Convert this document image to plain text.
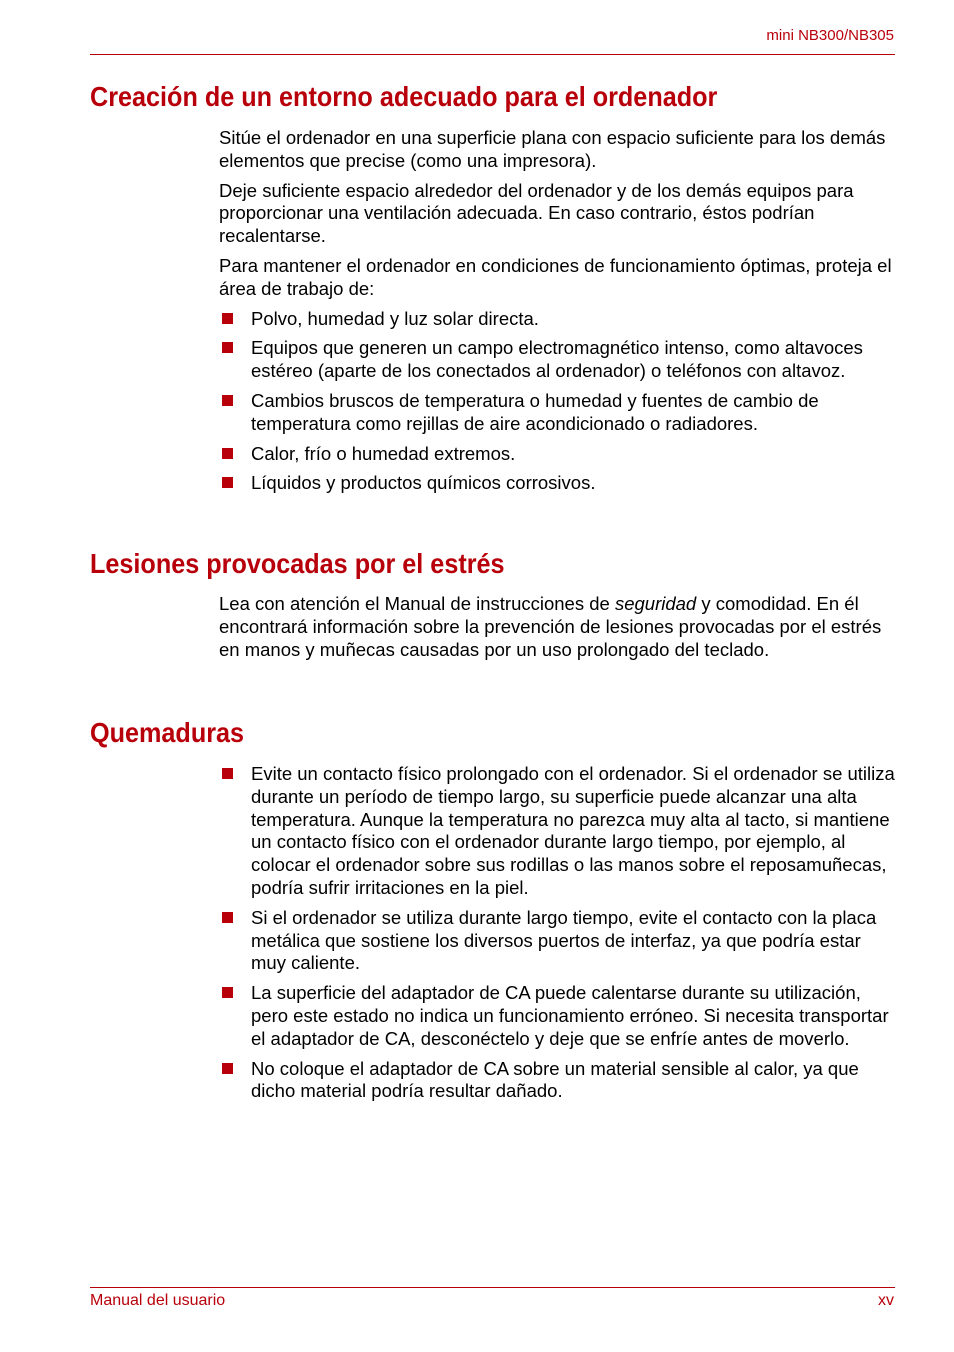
mini NB300/NB305
Creación de un entorno adecuado para el ordenador

Sitúe el ordenador en una superficie plana con espacio suficiente para los demás elementos que precise (como una impresora).

Deje suficiente espacio alrededor del ordenador y de los demás equipos para proporcionar una ventilación adecuada. En caso contrario, éstos podrían recalentarse.

Para mantener el ordenador en condiciones de funcionamiento óptimas, proteja el área de trabajo de:

Polvo, humedad y luz solar directa.
Equipos que generen un campo electromagnético intenso, como altavoces estéreo (aparte de los conectados al ordenador) o teléfonos con altavoz.
Cambios bruscos de temperatura o humedad y fuentes de cambio de temperatura como rejillas de aire acondicionado o radiadores.
Calor, frío o humedad extremos.
Líquidos y productos químicos corrosivos.
Lesiones provocadas por el estrés

Lea con atención el Manual de instrucciones de seguridad y comodidad. En él encontrará información sobre la prevención de lesiones provocadas por el estrés en manos y muñecas causadas por un uso prolongado del teclado.

Quemaduras
Evite un contacto físico prolongado con el ordenador. Si el ordenador se utiliza durante un período de tiempo largo, su superficie puede alcanzar una alta temperatura. Aunque la temperatura no parezca muy alta al tacto, si mantiene un contacto físico con el ordenador durante largo tiempo, por ejemplo, al colocar el ordenador sobre sus rodillas o las manos sobre el reposamuñecas, podría sufrir irritaciones en la piel.
Si el ordenador se utiliza durante largo tiempo, evite el contacto con la placa metálica que sostiene los diversos puertos de interfaz, ya que podría estar muy caliente.
La superficie del adaptador de CA puede calentarse durante su utilización, pero este estado no indica un funcionamiento erróneo. Si necesita transportar el adaptador de CA, desconéctelo y deje que se enfríe antes de moverlo.
No coloque el adaptador de CA sobre un material sensible al calor, ya que dicho material podría resultar dañado.
Manual del usuario	xv
